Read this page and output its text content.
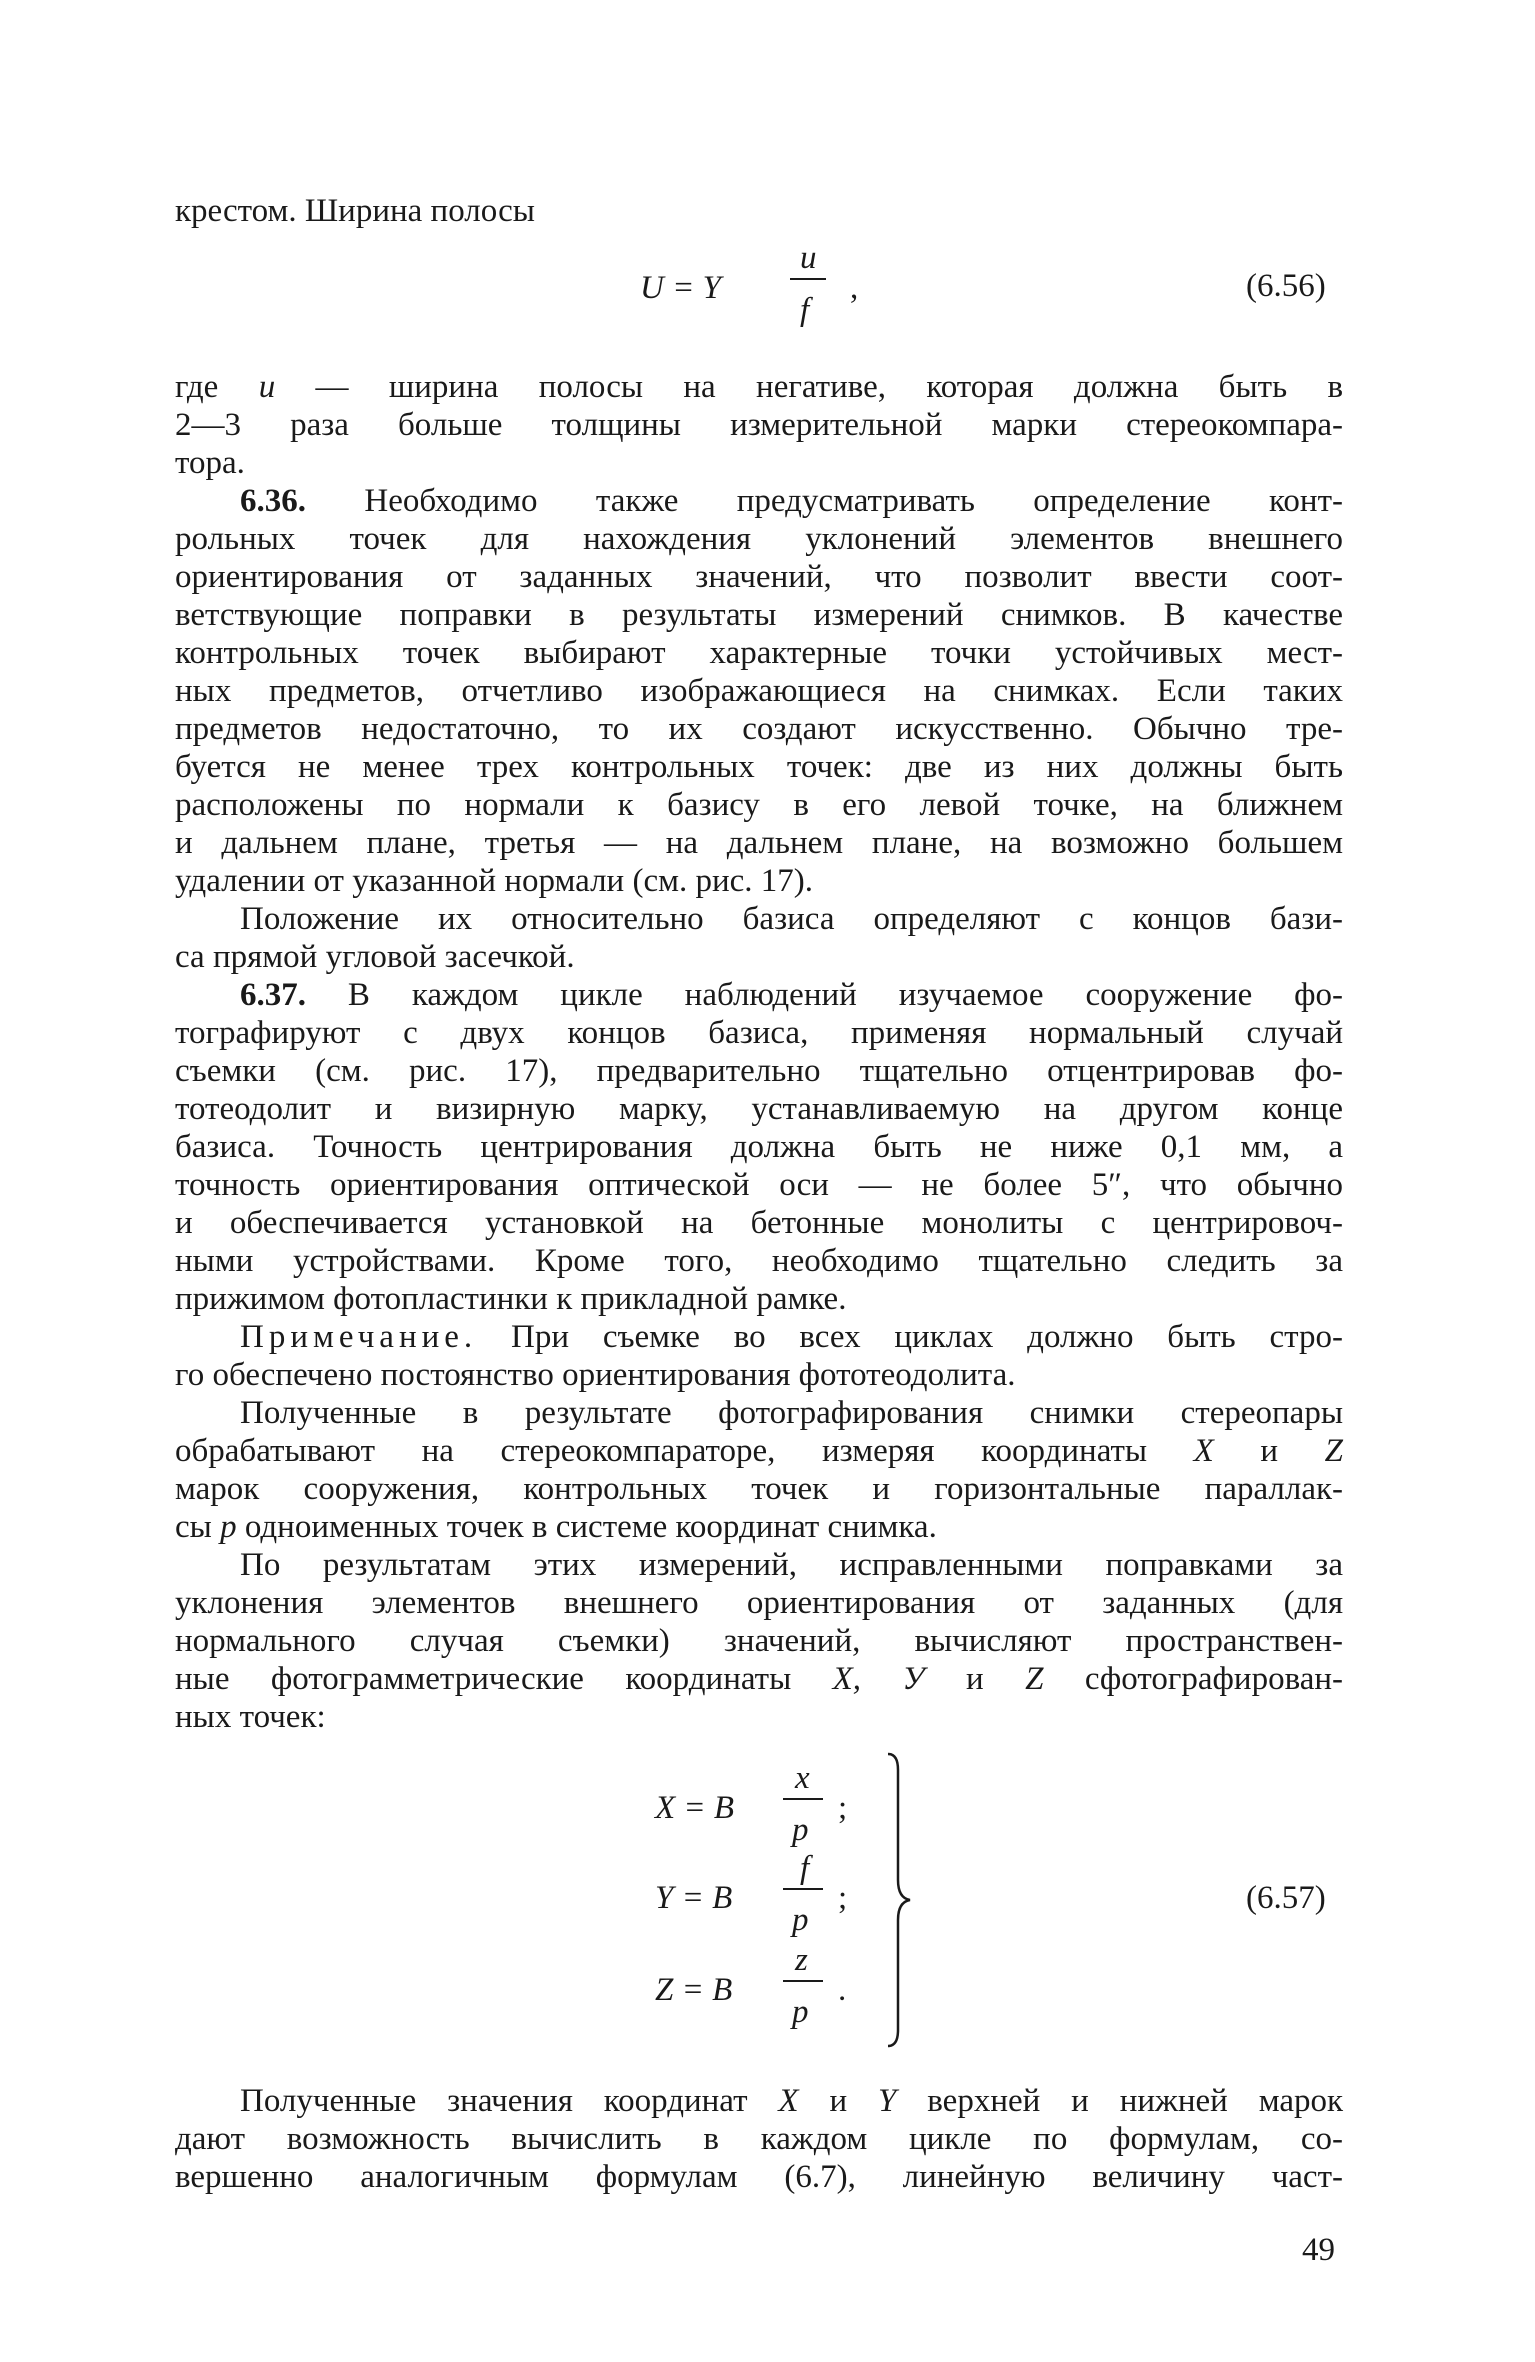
крестом. Ширина полосы
U = Y
u
f
,	(6.56)
где u — ширина полосы на негативе, которая должна быть в
2—3 раза больше толщины измерительной марки стереокомпара-
тора.
6.36. Необходимо также предусматривать определение конт-
рольных точек для нахождения уклонений элементов внешнего
ориентирования от заданных значений, что позволит ввести соот-
ветствующие поправки в результаты измерений снимков. В качестве
контрольных точек выбирают характерные точки устойчивых мест-
ных предметов, отчетливо изображающиеся на снимках. Если таких
предметов недостаточно, то их создают искусственно. Обычно тре-
буется не менее трех контрольных точек: две из них должны быть
расположены по нормали к базису в его левой точке, на ближнем
и дальнем плане, третья — на дальнем плане, на возможно большем
удалении от указанной нормали (см. рис. 17).
Положение их относительно базиса определяют с концов бази-
са прямой угловой засечкой.
6.37. В каждом цикле наблюдений изучаемое сооружение фо-
тографируют с двух концов базиса, применяя нормальный случай
съемки (см. рис. 17), предварительно тщательно отцентрировав фо-
тотеодолит и визирную марку, устанавливаемую на другом конце
базиса. Точность центрирования должна быть не ниже 0,1 мм, а
точность ориентирования оптической оси — не более 5″, что обычно
и обеспечивается установкой на бетонные монолиты с центрировоч-
ными устройствами. Кроме того, необходимо тщательно следить за
прижимом фотопластинки к прикладной рамке.
Примечание. При съемке во всех циклах должно быть стро-
го обеспечено постоянство ориентирования фототеодолита.
Полученные в результате фотографирования снимки стереопары
обрабатывают на стереокомпараторе, измеряя координаты X и Z
марок сооружения, контрольных точек и горизонтальные параллак-
сы p одноименных точек в системе координат снимка.
По результатам этих измерений, исправленными поправками за
уклонения элементов внешнего ориентирования от заданных (для
нормального случая съемки) значений, вычисляют пространствен-
ные фотограмметрические координаты X, У и Z сфотографирован-
ных точек:
X = B
x
p
;
Y = B
f
p
;
Z = B
z
p
.
(6.57)
Полученные значения координат X и Y верхней и нижней марок
дают возможность вычислить в каждом цикле по формулам, со-
вершенно аналогичным формулам (6.7), линейную величину част-
49
